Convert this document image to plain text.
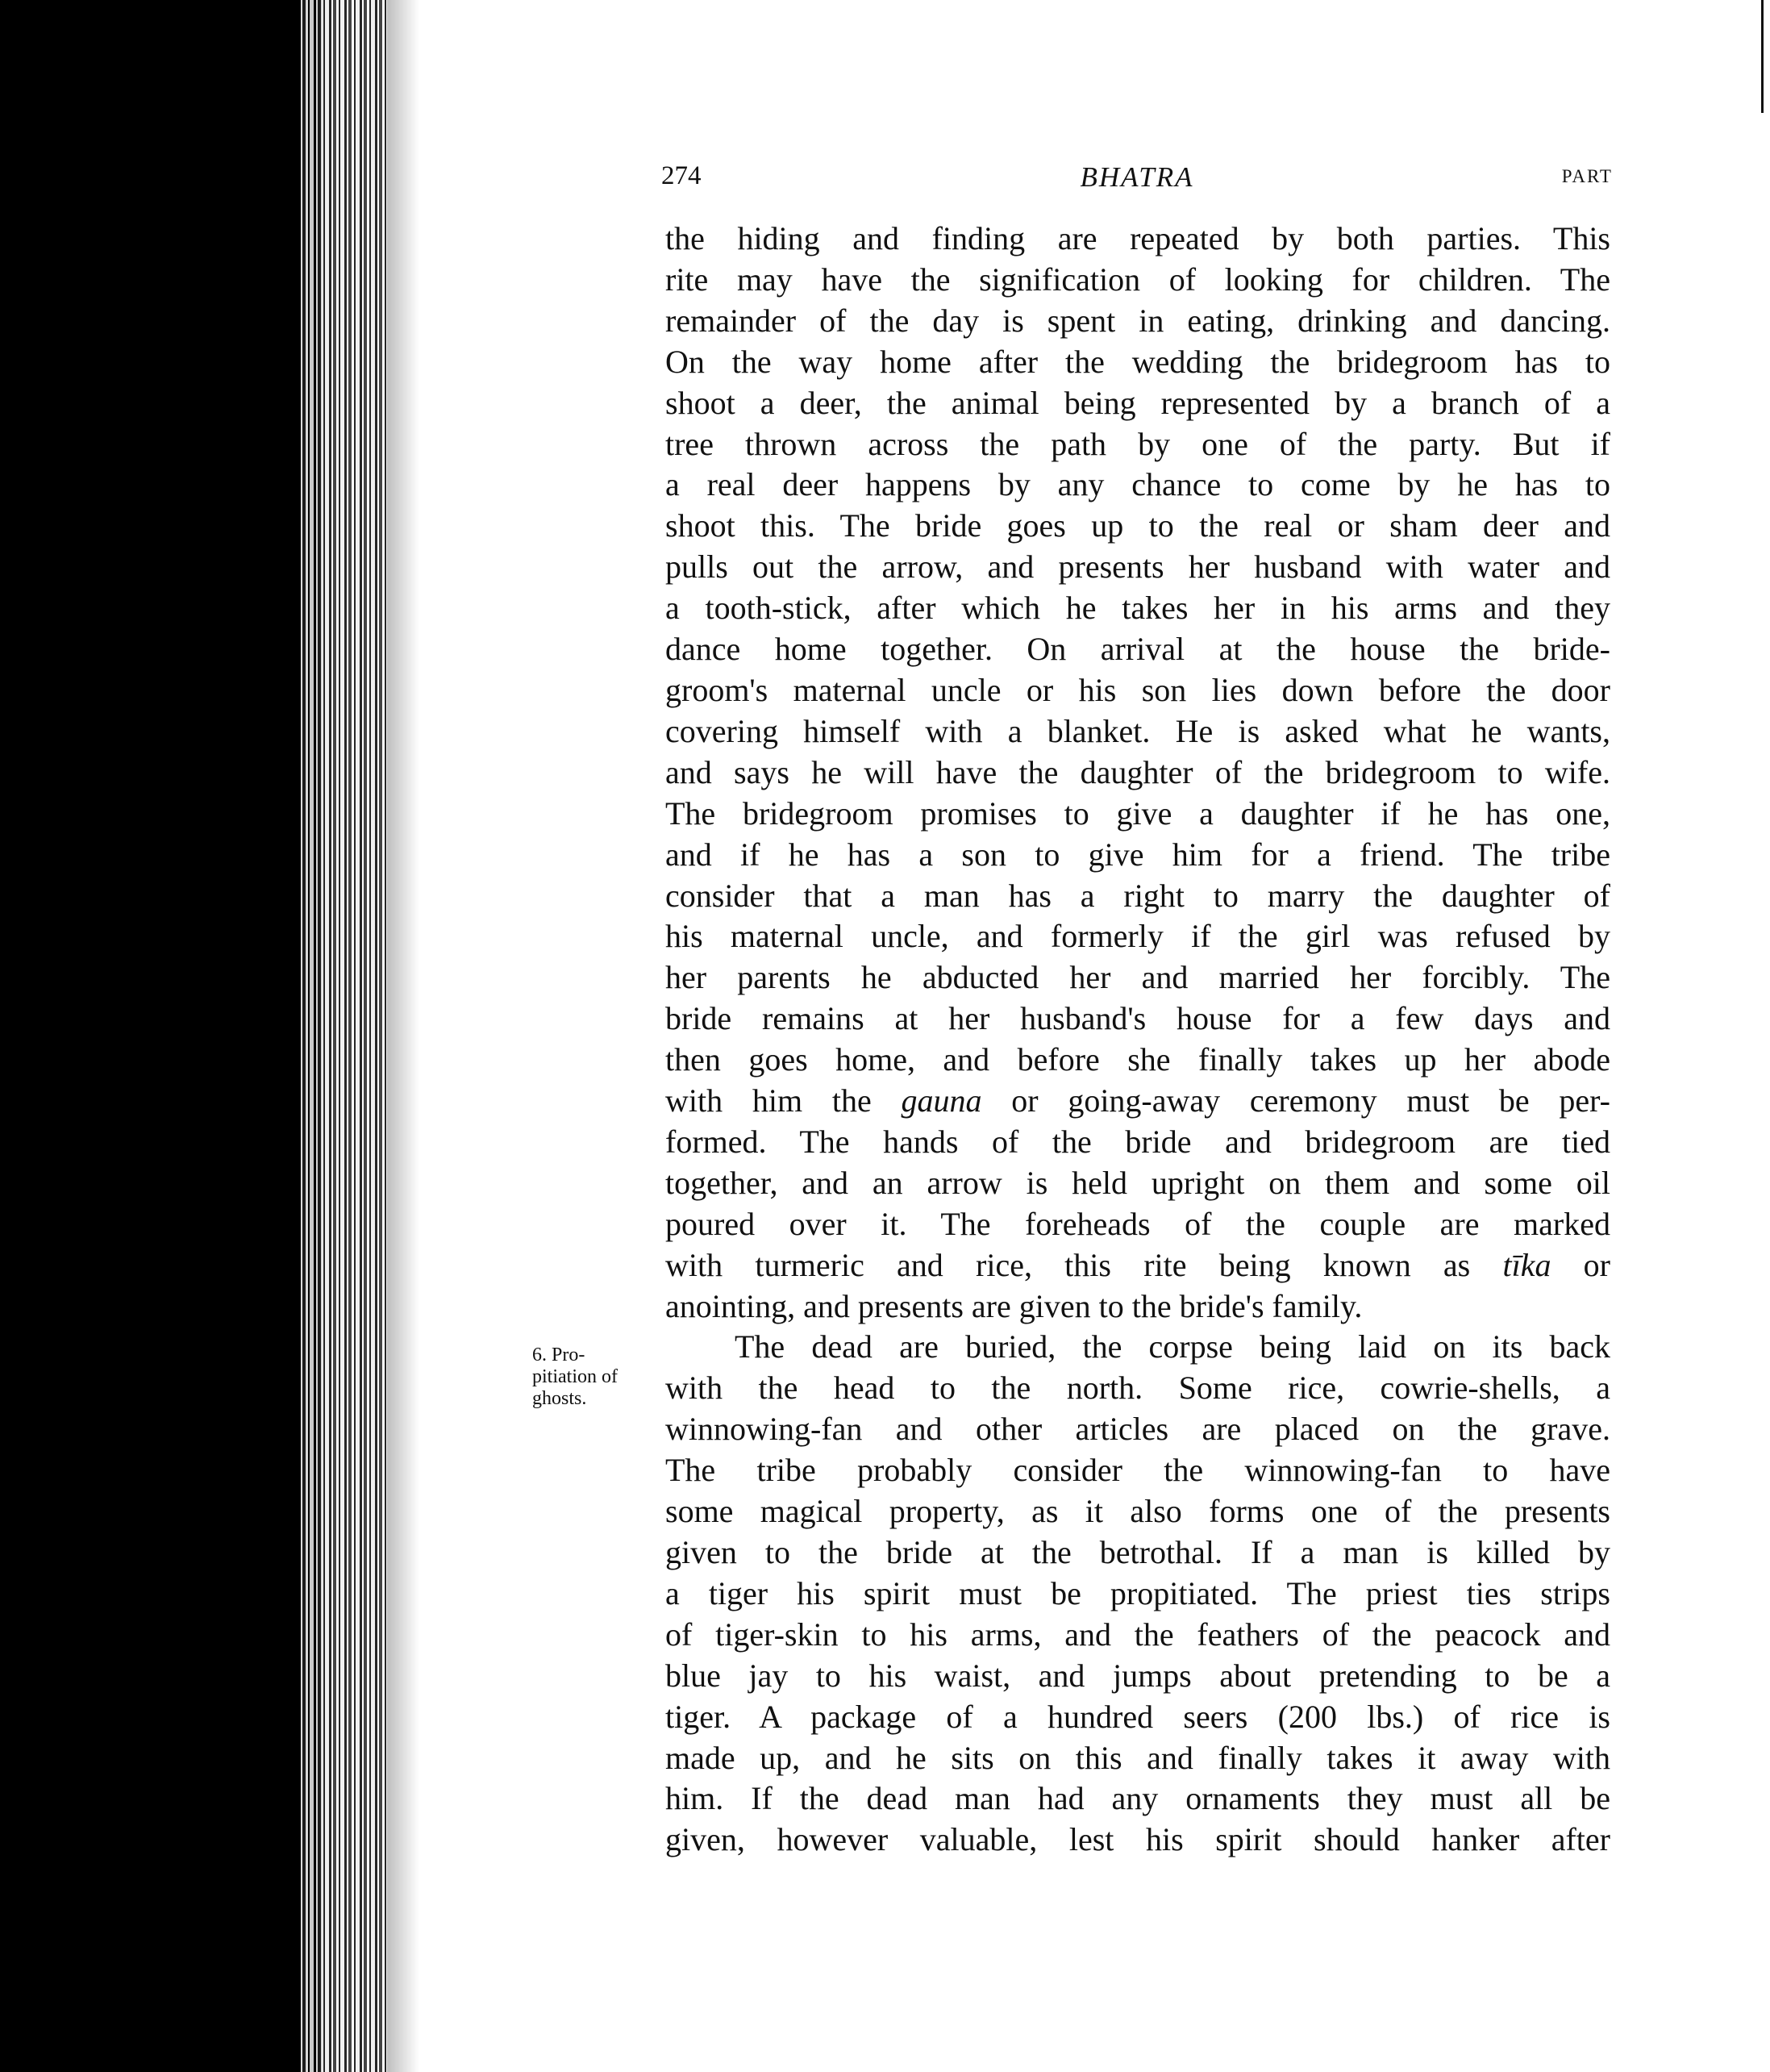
274	BHATRA	PART
6. Pro-
pitiation of
ghosts.

the hiding and finding are repeated by both parties. This

rite may have the signification of looking for children. The

remainder of the day is spent in eating, drinking and dancing.

On the way home after the wedding the bridegroom has to

shoot a deer, the animal being represented by a branch of a

tree thrown across the path by one of the party. But if

a real deer happens by any chance to come by he has to

shoot this. The bride goes up to the real or sham deer and

pulls out the arrow, and presents her husband with water and

a tooth-stick, after which he takes her in his arms and they

dance home together. On arrival at the house the bride-

groom's maternal uncle or his son lies down before the door

covering himself with a blanket. He is asked what he wants,

and says he will have the daughter of the bridegroom to wife.

The bridegroom promises to give a daughter if he has one,

and if he has a son to give him for a friend. The tribe

consider that a man has a right to marry the daughter of

his maternal uncle, and formerly if the girl was refused by

her parents he abducted her and married her forcibly. The

bride remains at her husband's house for a few days and

then goes home, and before she finally takes up her abode

with him the gauna or going-away ceremony must be per-

formed. The hands of the bride and bridegroom are tied

together, and an arrow is held upright on them and some oil

poured over it. The foreheads of the couple are marked

with turmeric and rice, this rite being known as tīka or

anointing, and presents are given to the bride's family.

The dead are buried, the corpse being laid on its back

with the head to the north. Some rice, cowrie-shells, a

winnowing-fan and other articles are placed on the grave.

The tribe probably consider the winnowing-fan to have

some magical property, as it also forms one of the presents

given to the bride at the betrothal. If a man is killed by

a tiger his spirit must be propitiated. The priest ties strips

of tiger-skin to his arms, and the feathers of the peacock and

blue jay to his waist, and jumps about pretending to be a

tiger. A package of a hundred seers (200 lbs.) of rice is

made up, and he sits on this and finally takes it away with

him. If the dead man had any ornaments they must all be

given, however valuable, lest his spirit should hanker after
